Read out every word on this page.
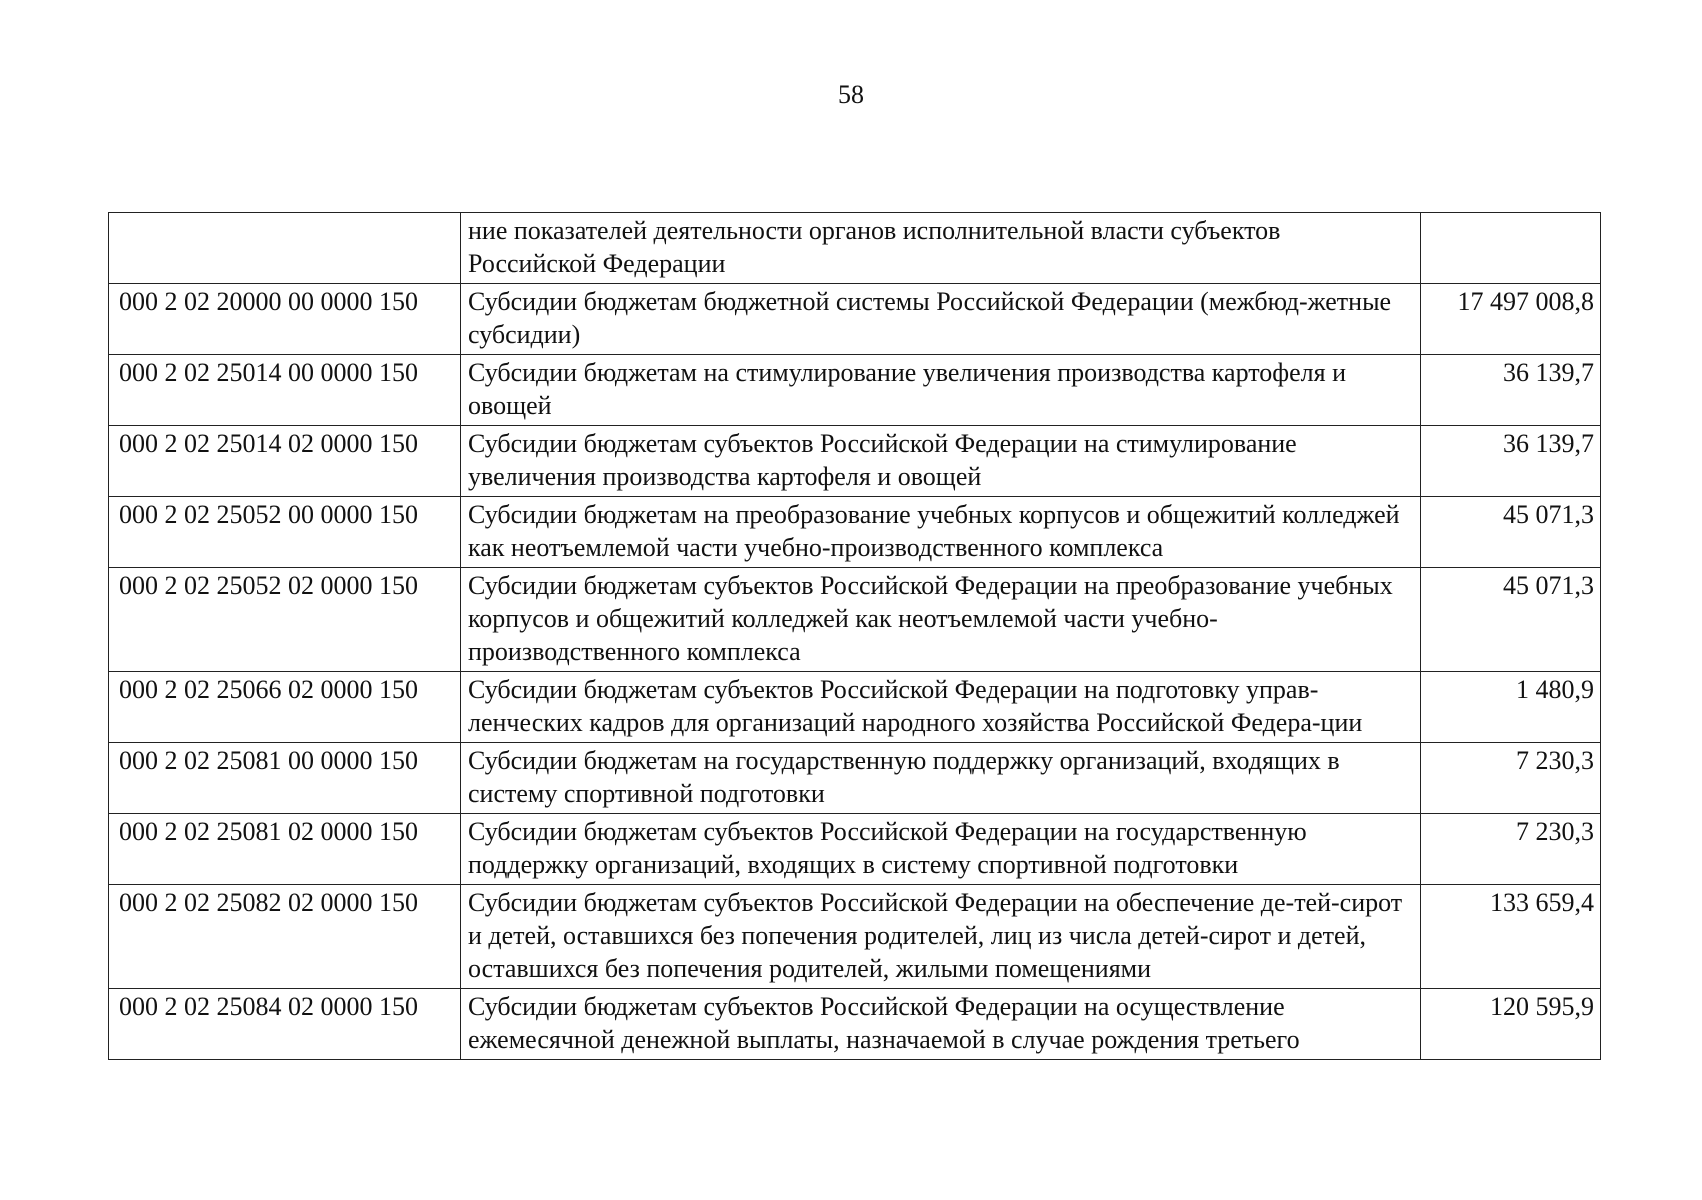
58
	ние показателей деятельности органов исполнительной власти субъектов Российской Федерации	
000 2 02 20000 00 0000 150	Субсидии бюджетам бюджетной системы Российской Федерации (межбюд-жетные субсидии)	17 497 008,8
000 2 02 25014 00 0000 150	Субсидии бюджетам на стимулирование увеличения производства картофеля и овощей	36 139,7
000 2 02 25014 02 0000 150	Субсидии бюджетам субъектов Российской Федерации на стимулирование увеличения производства картофеля и овощей	36 139,7
000 2 02 25052 00 0000 150	Субсидии бюджетам на преобразование учебных корпусов и общежитий колледжей как неотъемлемой части учебно-производственного комплекса	45 071,3
000 2 02 25052 02 0000 150	Субсидии бюджетам субъектов Российской Федерации на преобразование учебных корпусов и общежитий колледжей как неотъемлемой части учебно-производственного комплекса	45 071,3
000 2 02 25066 02 0000 150	Субсидии бюджетам субъектов Российской Федерации на подготовку управ-ленческих кадров для организаций народного хозяйства Российской Федера-ции	1 480,9
000 2 02 25081 00 0000 150	Субсидии бюджетам на государственную поддержку организаций, входящих в систему спортивной подготовки	7 230,3
000 2 02 25081 02 0000 150	Субсидии бюджетам субъектов Российской Федерации на государственную поддержку организаций, входящих в систему спортивной подготовки	7 230,3
000 2 02 25082 02 0000 150	Субсидии бюджетам субъектов Российской Федерации на обеспечение де-тей-сирот и детей, оставшихся без попечения родителей, лиц из числа детей-сирот и детей, оставшихся без попечения родителей, жилыми помещениями	133 659,4
000 2 02 25084 02 0000 150	Субсидии бюджетам субъектов Российской Федерации на осуществление ежемесячной денежной выплаты, назначаемой в случае рождения третьего	120 595,9
